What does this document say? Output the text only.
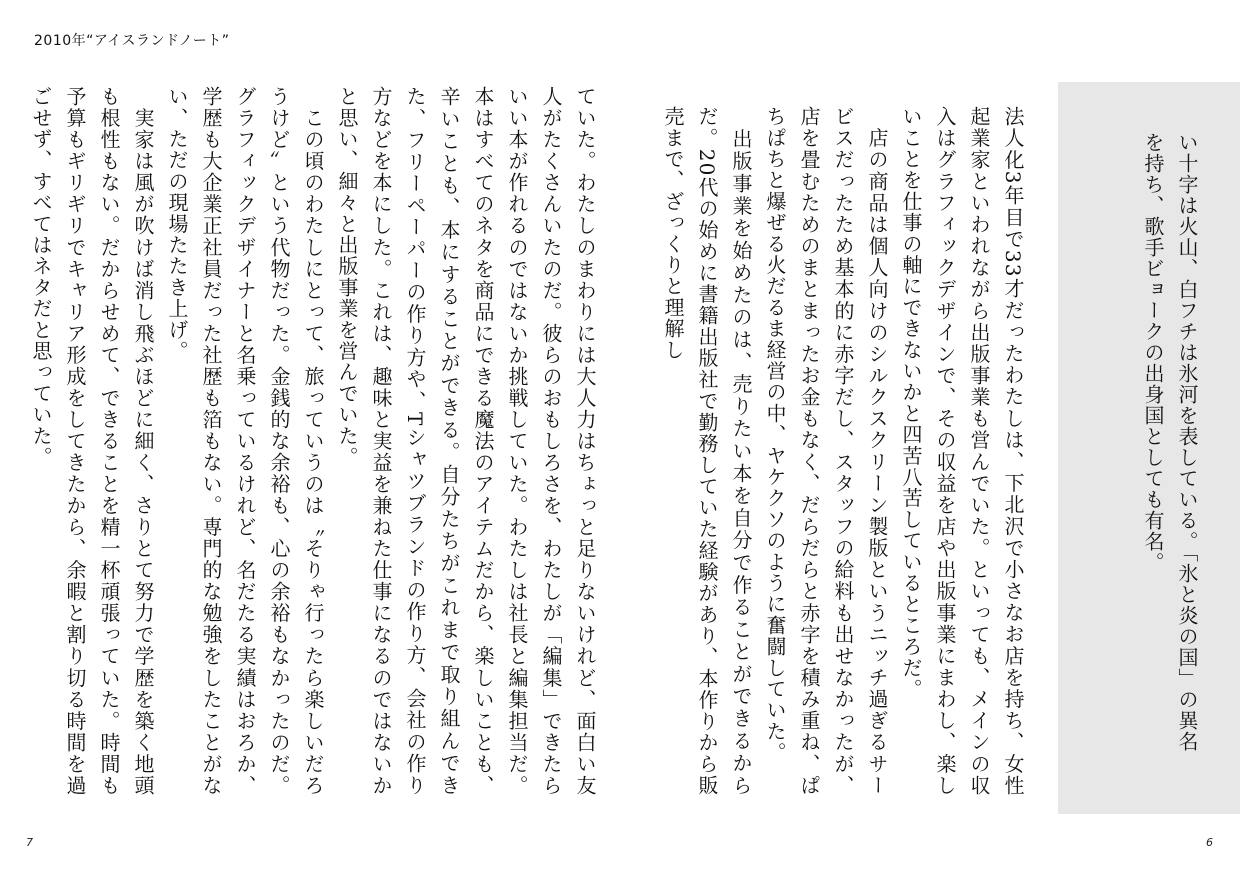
2010年“アイスランドノート”

ていた。わたしのまわりには大人力はちょっと足りないけれど、面白い友人がたくさんいたのだ。彼らのおもしろさを、わたしが「編集」できたらいい本が作れるのではないか挑戦していた。わたしは社長と編集担当だ。本はすべてのネタを商品にできる魔法のアイテムだから、楽しいことも、辛いことも、本にすることができる。自分たちがこれまで取り組んできた、フリーペーパーの作り方や、Tシャツブランドの作り方、会社の作り方などを本にした。これは、趣味と実益を兼ねた仕事になるのではないかと思い、細々と出版事業を営んでいた。

　この頃のわたしにとって、旅っていうのは〝そりゃ行ったら楽しいだろうけど〟という代物だった。金銭的な余裕も、心の余裕もなかったのだ。グラフィックデザイナーと名乗っているけれど、名だたる実績はおろか、学歴も大企業正社員だった社歴も箔もない。専門的な勉強をしたことがない、ただの現場たたき上げ。

　実家は風が吹けば消し飛ぶほどに細く、さりとて努力で学歴を築く地頭も根性もない。だからせめて、できることを精一杯頑張っていた。時間も予算もギリギリでキャリア形成をしてきたから、余暇と割り切る時間を過ごせず、すべてはネタだと思っていた。	法人化3年目で33才だったわたしは、下北沢で小さなお店を持ち、女性起業家といわれながら出版事業も営んでいた。といっても、メインの収入はグラフィックデザインで、その収益を店や出版事業にまわし、楽しいことを仕事の軸にできないかと四苦八苦しているところだ。

　店の商品は個人向けのシルクスクリーン製版というニッチ過ぎるサービスだったため基本的に赤字だし、スタッフの給料も出せなかったが、店を畳むためのまとまったお金もなく、だらだらと赤字を積み重ね、ぱちぱちと爆ぜる火だるま経営の中、ヤケクソのように奮闘していた。

　出版事業を始めたのは、売りたい本を自分で作ることができるからだ。20代の始めに書籍出版社で勤務していた経験があり、本作りから販売まで、ざっくりと理解し	い十字は火山、白フチは氷河を表している。「氷と炎の国」の異名を持ち、歌手ビョークの出身国としても有名。

7	6
